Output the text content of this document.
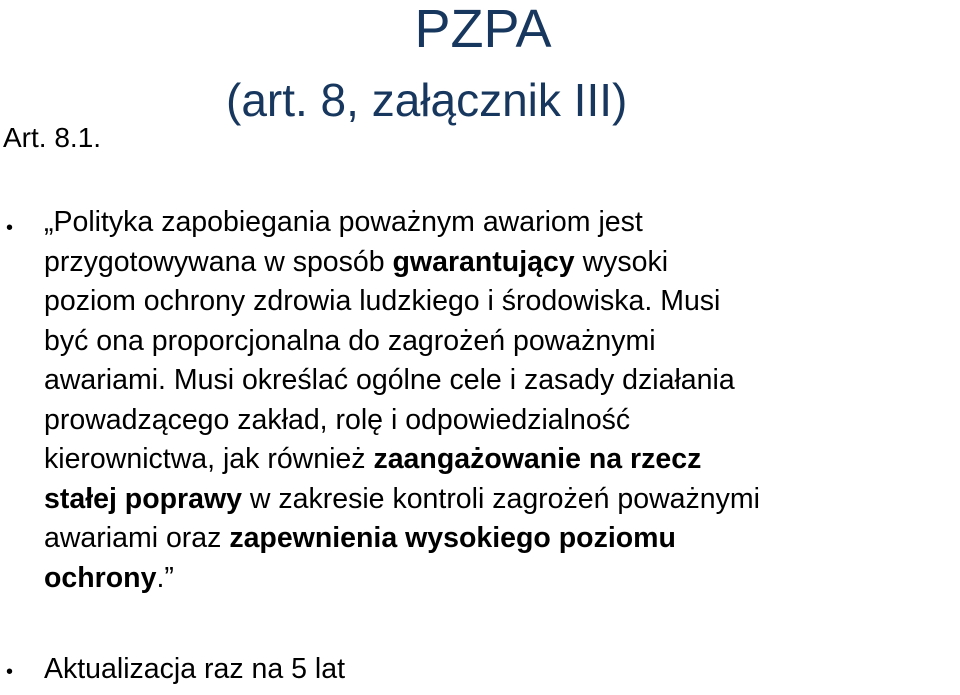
PZPA
(art. 8, załącznik III)
Art. 8.1.
• „Polityka zapobiegania poważnym awariom jest
przygotowywana w sposób gwarantujący wysoki
poziom ochrony zdrowia ludzkiego i środowiska. Musi
być ona proporcjonalna do zagrożeń poważnymi
awariami. Musi określać ogólne cele i zasady działania
prowadzącego zakład, rolę i odpowiedzialność
kierownictwa, jak również zaangażowanie na rzecz
stałej poprawy w zakresie kontroli zagrożeń poważnymi
awariami oraz zapewnienia wysokiego poziomu
ochrony.”
• Aktualizacja raz na 5 lat
